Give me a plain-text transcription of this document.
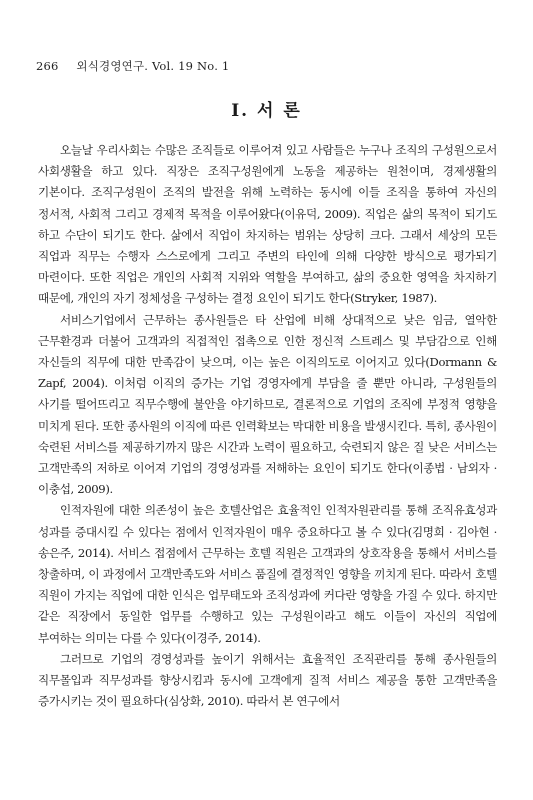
266 외식경영연구. Vol. 19 No. 1
Ⅰ. 서 론

오늘날 우리사회는 수많은 조직들로 이루어져 있고 사람들은 누구나 조직의 구성원으로서 사회생활을 하고 있다. 직장은 조직구성원에게 노동을 제공하는 원천이며, 경제생활의 기본이다. 조직구성원이 조직의 발전을 위해 노력하는 동시에 이들 조직을 통하여 자신의 정서적, 사회적 그리고 경제적 목적을 이루어왔다(이유덕, 2009). 직업은 삶의 목적이 되기도 하고 수단이 되기도 한다. 삶에서 직업이 차지하는 범위는 상당히 크다. 그래서 세상의 모든 직업과 직무는 수행자 스스로에게 그리고 주변의 타인에 의해 다양한 방식으로 평가되기 마련이다. 또한 직업은 개인의 사회적 지위와 역할을 부여하고, 삶의 중요한 영역을 차지하기 때문에, 개인의 자기 정체성을 구성하는 결정 요인이 되기도 한다(Stryker, 1987).

서비스기업에서 근무하는 종사원들은 타 산업에 비해 상대적으로 낮은 임금, 열악한 근무환경과 더불어 고객과의 직접적인 접촉으로 인한 정신적 스트레스 및 부담감으로 인해 자신들의 직무에 대한 만족감이 낮으며, 이는 높은 이직의도로 이어지고 있다(Dormann & Zapf, 2004). 이처럼 이직의 증가는 기업 경영자에게 부담을 줄 뿐만 아니라, 구성원들의 사기를 떨어뜨리고 직무수행에 불안을 야기하므로, 결론적으로 기업의 조직에 부정적 영향을 미치게 된다. 또한 종사원의 이직에 따른 인력확보는 막대한 비용을 발생시킨다. 특히, 종사원이 숙련된 서비스를 제공하기까지 많은 시간과 노력이 필요하고, 숙련되지 않은 질 낮은 서비스는 고객만족의 저하로 이어져 기업의 경영성과를 저해하는 요인이 되기도 한다(이종법 · 남외자 · 이충섭, 2009).

인적자원에 대한 의존성이 높은 호텔산업은 효율적인 인적자원관리를 통해 조직유효성과 성과를 증대시킬 수 있다는 점에서 인적자원이 매우 중요하다고 볼 수 있다(김명희 · 김아현 · 송은주, 2014). 서비스 접점에서 근무하는 호텔 직원은 고객과의 상호작용을 통해서 서비스를 창출하며, 이 과정에서 고객만족도와 서비스 품질에 결정적인 영향을 끼치게 된다. 따라서 호텔 직원이 가지는 직업에 대한 인식은 업무태도와 조직성과에 커다란 영향을 가질 수 있다. 하지만 같은 직장에서 동일한 업무를 수행하고 있는 구성원이라고 해도 이들이 자신의 직업에 부여하는 의미는 다를 수 있다(이경주, 2014).

그러므로 기업의 경영성과를 높이기 위해서는 효율적인 조직관리를 통해 종사원들의 직무몰입과 직무성과를 향상시킴과 동시에 고객에게 질적 서비스 제공을 통한 고객만족을 증가시키는 것이 필요하다(심상화, 2010). 따라서 본 연구에서
